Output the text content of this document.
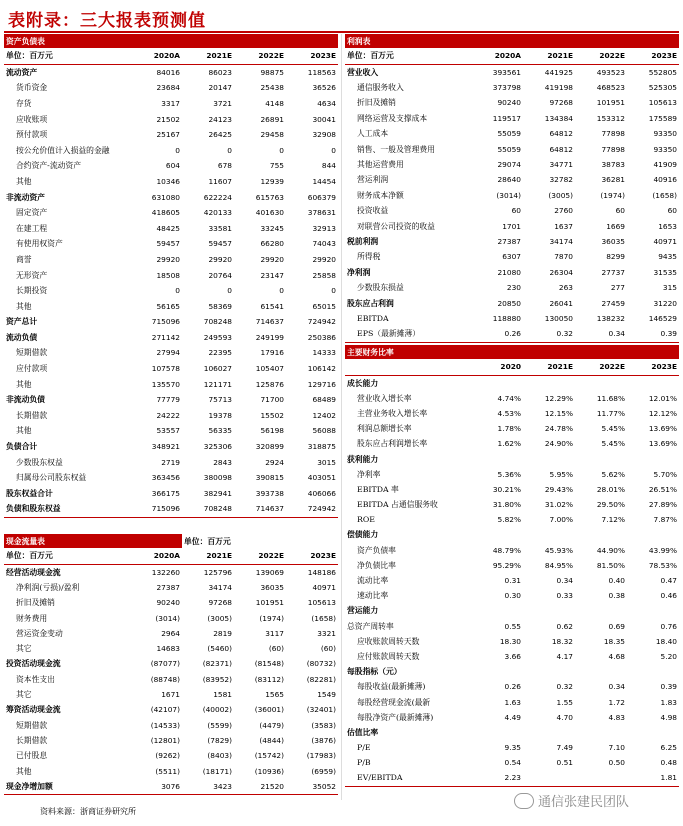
表附录：三大报表预测值
资产负债表				
单位：百万元	2020A	2021E	2022E	2023E
流动资产	84016	86023	98875	118563
货币资金	23684	20147	25438	36526
存货	3317	3721	4148	4634
应收账项	21502	24123	26891	30041
预付款项	25167	26425	29458	32908
按公允价值计入损益的金融	0	0	0	0
合约资产-流动资产	604	678	755	844
其他	10346	11607	12939	14454
非流动资产	631080	622224	615763	606379
固定资产	418605	420133	401630	378631
在建工程	48425	33581	33245	32913
有使用权资产	59457	59457	66280	74043
商誉	29920	29920	29920	29920
无形资产	18508	20764	23147	25858
长期投资	0	0	0	0
其他	56165	58369	61541	65015
资产总计	715096	708248	714637	724942
流动负债	271142	249593	249199	250386
短期借款	27994	22395	17916	14333
应付款项	107578	106027	105407	106142
其他	135570	121171	125876	129716
非流动负债	77779	75713	71700	68489
长期借款	24222	19378	15502	12402
其他	53557	56335	56198	56088
负债合计	348921	325306	320899	318875
少数股东权益	2719	2843	2924	3015
归属母公司股东权益	363456	380098	390815	403051
股东权益合计	366175	382941	393738	406066
负债和股东权益	715096	708248	714637	724942
现金流量表		单位：百万元		
单位：百万元	2020A	2021E	2022E	2023E
经营活动现金流	132260	125796	139069	148186
净利润(亏损)/盈利	27387	34174	36035	40971
折旧及摊销	90240	97268	101951	105613
财务费用	(3014)	(3005)	(1974)	(1658)
营运资金变动	2964	2819	3117	3321
其它	14683	(5460)	(60)	(60)
投资活动现金流	(87077)	(82371)	(81548)	(80732)
资本性支出	(88748)	(83952)	(83112)	(82281)
其它	1671	1581	1565	1549
筹资活动现金流	(42107)	(40002)	(36001)	(32401)
短期借款	(14533)	(5599)	(4479)	(3583)
长期借款	(12801)	(7829)	(4844)	(3876)
已付股息	(9262)	(8403)	(15742)	(17983)
其他	(5511)	(18171)	(10936)	(6959)
现金净增加额	3076	3423	21520	35052
利润表				
单位：百万元	2020A	2021E	2022E	2023E
营业收入	393561	441925	493523	552805
通信服务收入	373798	419198	468523	525305
折旧及摊销	90240	97268	101951	105613
网络运营及支撑成本	119517	134384	153312	175589
人工成本	55059	64812	77898	93350
销售、一般及管理费用	55059	64812	77898	93350
其他运营费用	29074	34771	38783	41909
营运利润	28640	32782	36281	40916
财务成本净额	(3014)	(3005)	(1974)	(1658)
投资收益	60	2760	60	60
对联营公司投资的收益	1701	1637	1669	1653
税前利润	27387	34174	36035	40971
所得税	6307	7870	8299	9435
净利润	21080	26304	27737	31535
少数股东损益	230	263	277	315
股东应占利润	20850	26041	27459	31220
EBITDA	118880	130050	138232	146529
EPS（最新摊薄）	0.26	0.32	0.34	0.39
主要财务比率				
	2020	2021E	2022E	2023E
成长能力				
营业收入增长率	4.74%	12.29%	11.68%	12.01%
主营业务收入增长率	4.53%	12.15%	11.77%	12.12%
利润总额增长率	1.78%	24.78%	5.45%	13.69%
股东应占利润增长率	1.62%	24.90%	5.45%	13.69%
获利能力				
净利率	5.36%	5.95%	5.62%	5.70%
EBITDA 率	30.21%	29.43%	28.01%	26.51%
EBITDA 占通信服务收	31.80%	31.02%	29.50%	27.89%
ROE	5.82%	7.00%	7.12%	7.87%
偿债能力				
资产负债率	48.79%	45.93%	44.90%	43.99%
净负债比率	95.29%	84.95%	81.50%	78.53%
流动比率	0.31	0.34	0.40	0.47
速动比率	0.30	0.33	0.38	0.46
营运能力				
总资产周转率	0.55	0.62	0.69	0.76
应收账款周转天数	18.30	18.32	18.35	18.40
应付账款周转天数	3.66	4.17	4.68	5.20
每股指标（元）				
每股收益(最新摊薄)	0.26	0.32	0.34	0.39
每股经营现金流(最新	1.63	1.55	1.72	1.83
每股净资产(最新摊薄)	4.49	4.70	4.83	4.98
估值比率				
P/E	9.35	7.49	7.10	6.25
P/B	0.54	0.51	0.50	0.48
EV/EBITDA	2.23			1.81
资料来源：浙商证券研究所
通信张建民团队
